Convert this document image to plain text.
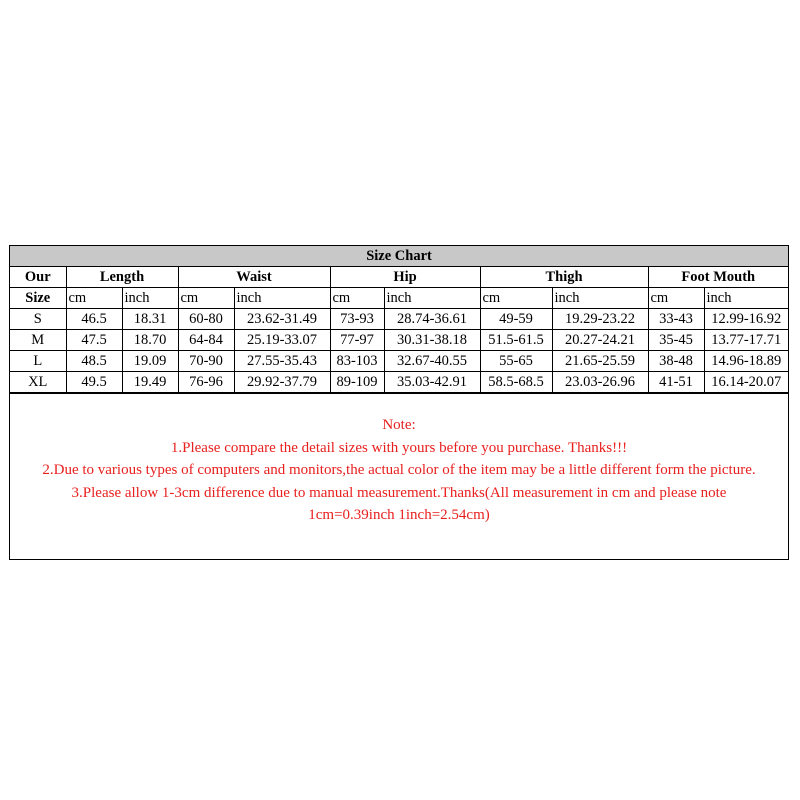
Size Chart										
Our	Length		Waist		Hip		Thigh		Foot Mouth	
Size	cm	inch	cm	inch	cm	inch	cm	inch	cm	inch
S	46.5	18.31	60-80	23.62-31.49	73-93	28.74-36.61	49-59	19.29-23.22	33-43	12.99-16.92
M	47.5	18.70	64-84	25.19-33.07	77-97	30.31-38.18	51.5-61.5	20.27-24.21	35-45	13.77-17.71
L	48.5	19.09	70-90	27.55-35.43	83-103	32.67-40.55	55-65	21.65-25.59	38-48	14.96-18.89
XL	49.5	19.49	76-96	29.92-37.79	89-109	35.03-42.91	58.5-68.5	23.03-26.96	41-51	16.14-20.07
Note:
1.Please compare the detail sizes with yours before you purchase. Thanks!!!
2.Due to various types of computers and monitors,the actual color of the item may be a little different form the picture.
3.Please allow 1-3cm difference due to manual measurement.Thanks(All measurement in cm and please note
1cm=0.39inch 1inch=2.54cm)
